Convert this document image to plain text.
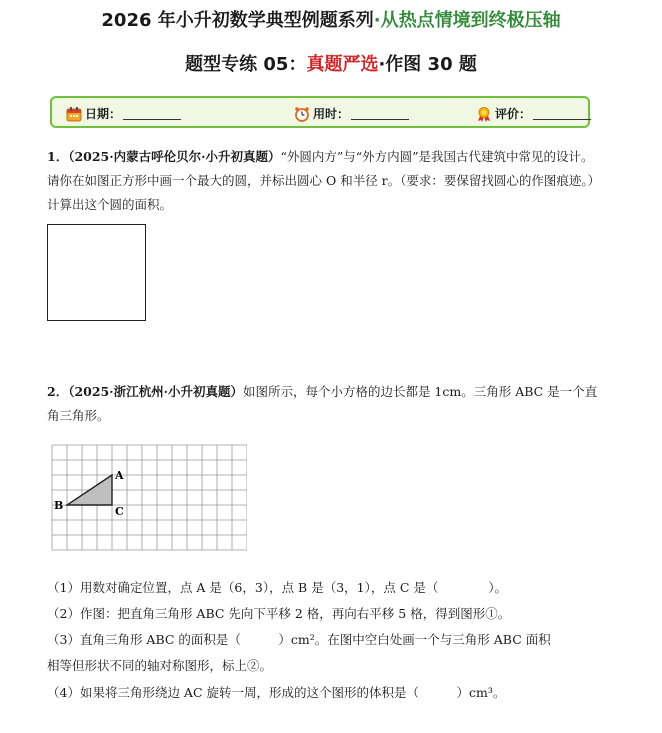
2026 年小升初数学典型例题系列·从热点情境到终极压轴
题型专练 05：真题严选·作图 30 题
日期：	用时：	评价：
1．（2025·内蒙古呼伦贝尔·小升初真题）“外圆内方”与“外方内圆”是我国古代建筑中常见的设计。请你在如图正方形中画一个最大的圆，并标出圆心 O 和半径 r。（要求：要保留找圆心的作图痕迹。）计算出这个圆的面积。
2．（2025·浙江杭州·小升初真题）如图所示，每个小方格的边长都是 1cm。三角形 ABC 是一个直角三角形。
A
B	C
（1）用数对确定位置，点 A 是（6，3），点 B 是（3，1），点 C 是（　　　　）。
（2）作图：把直角三角形 ABC 先向下平移 2 格，再向右平移 5 格，得到图形①。
（3）直角三角形 ABC 的面积是（　　　）cm²。在图中空白处画一个与三角形 ABC 面积
相等但形状不同的轴对称图形，标上②。
（4）如果将三角形绕边 AC 旋转一周，形成的这个图形的体积是（　　　）cm³。
